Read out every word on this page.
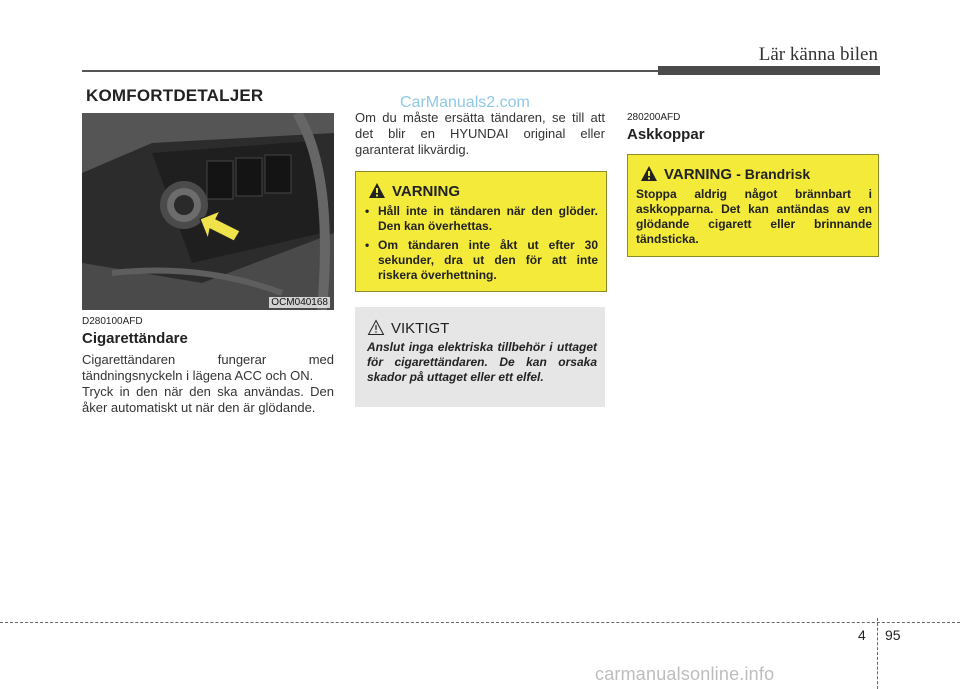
Lär känna bilen
KOMFORTDETALJER	CarManuals2.com
OCM040168
D280100AFD
Cigarettändare
Cigarettändaren fungerar med tändningsnyckeln i lägena ACC och ON.
Tryck in den när den ska användas. Den åker automatiskt ut när den är glödande.
Om du måste ersätta tändaren, se till att det blir en HYUNDAI original eller garanterat likvärdig.
VARNING
• Håll inte in tändaren när den glöder. Den kan överhettas.
• Om tändaren inte åkt ut efter 30 sekunder, dra ut den för att inte riskera överhettning.
VIKTIGT
Anslut inga elektriska tillbehör i uttaget för cigarettändaren. De kan orsaka skador på uttaget eller ett elfel.
280200AFD
Askkoppar
VARNING - Brandrisk
Stoppa aldrig något brännbart i askkopparna. Det kan antändas av en glödande cigarett eller brinnande tändsticka.
4 95
carmanualsonline.info
